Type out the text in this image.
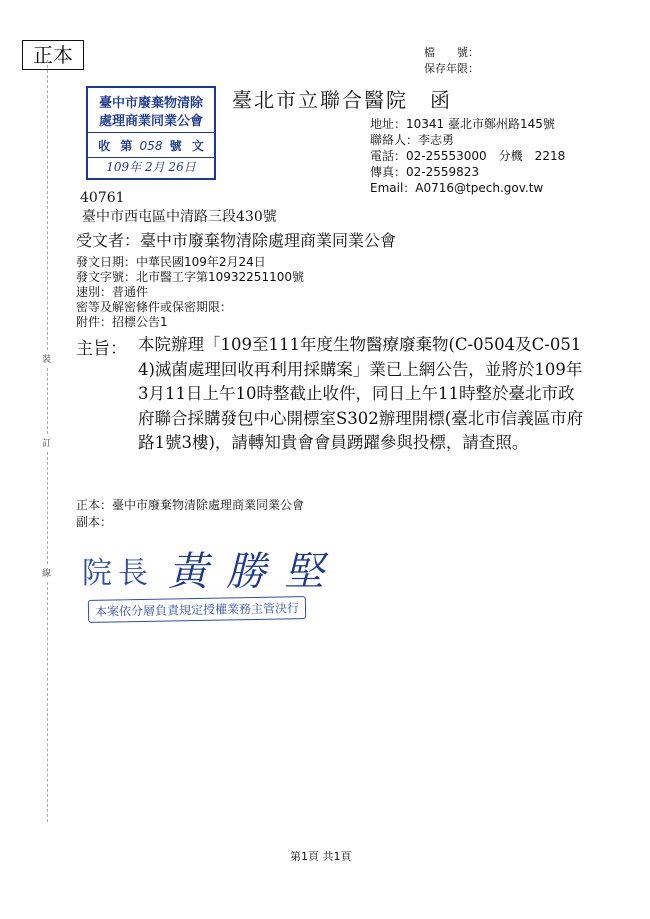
正本	檔　　號：
保存年限：
臺中市廢棄物清除
處理商業同業公會
收 第 058 號 文
109年 2月 26日
臺北市立聯合醫院　函
地址：10341 臺北市鄭州路145號
聯絡人：李志勇
電話：02-25553000　分機　2218
傳真：02-2559823
Email：A0716@tpech.gov.tw
40761
臺中市西屯區中清路三段430號
受文者：臺中市廢棄物清除處理商業同業公會
發文日期：中華民國109年2月24日
發文字號：北市醫工字第10932251100號
速別：普通件
密等及解密條件或保密期限：
附件：招標公告1
主旨： 本院辦理「109至111年度生物醫療廢棄物(C-0504及C-0514)滅菌處理回收再利用採購案」業已上網公告，並將於109年3月11日上午10時整截止收件，同日上午11時整於臺北市政府聯合採購發包中心開標室S302辦理開標(臺北市信義區市府路1號3樓)，請轉知貴會會員踴躍參與投標，請查照。
正本：臺中市廢棄物清除處理商業同業公會
副本：
裝
訂
線 院長 黃勝堅
本案依分層負責規定授權業務主管決行
第1頁 共1頁
